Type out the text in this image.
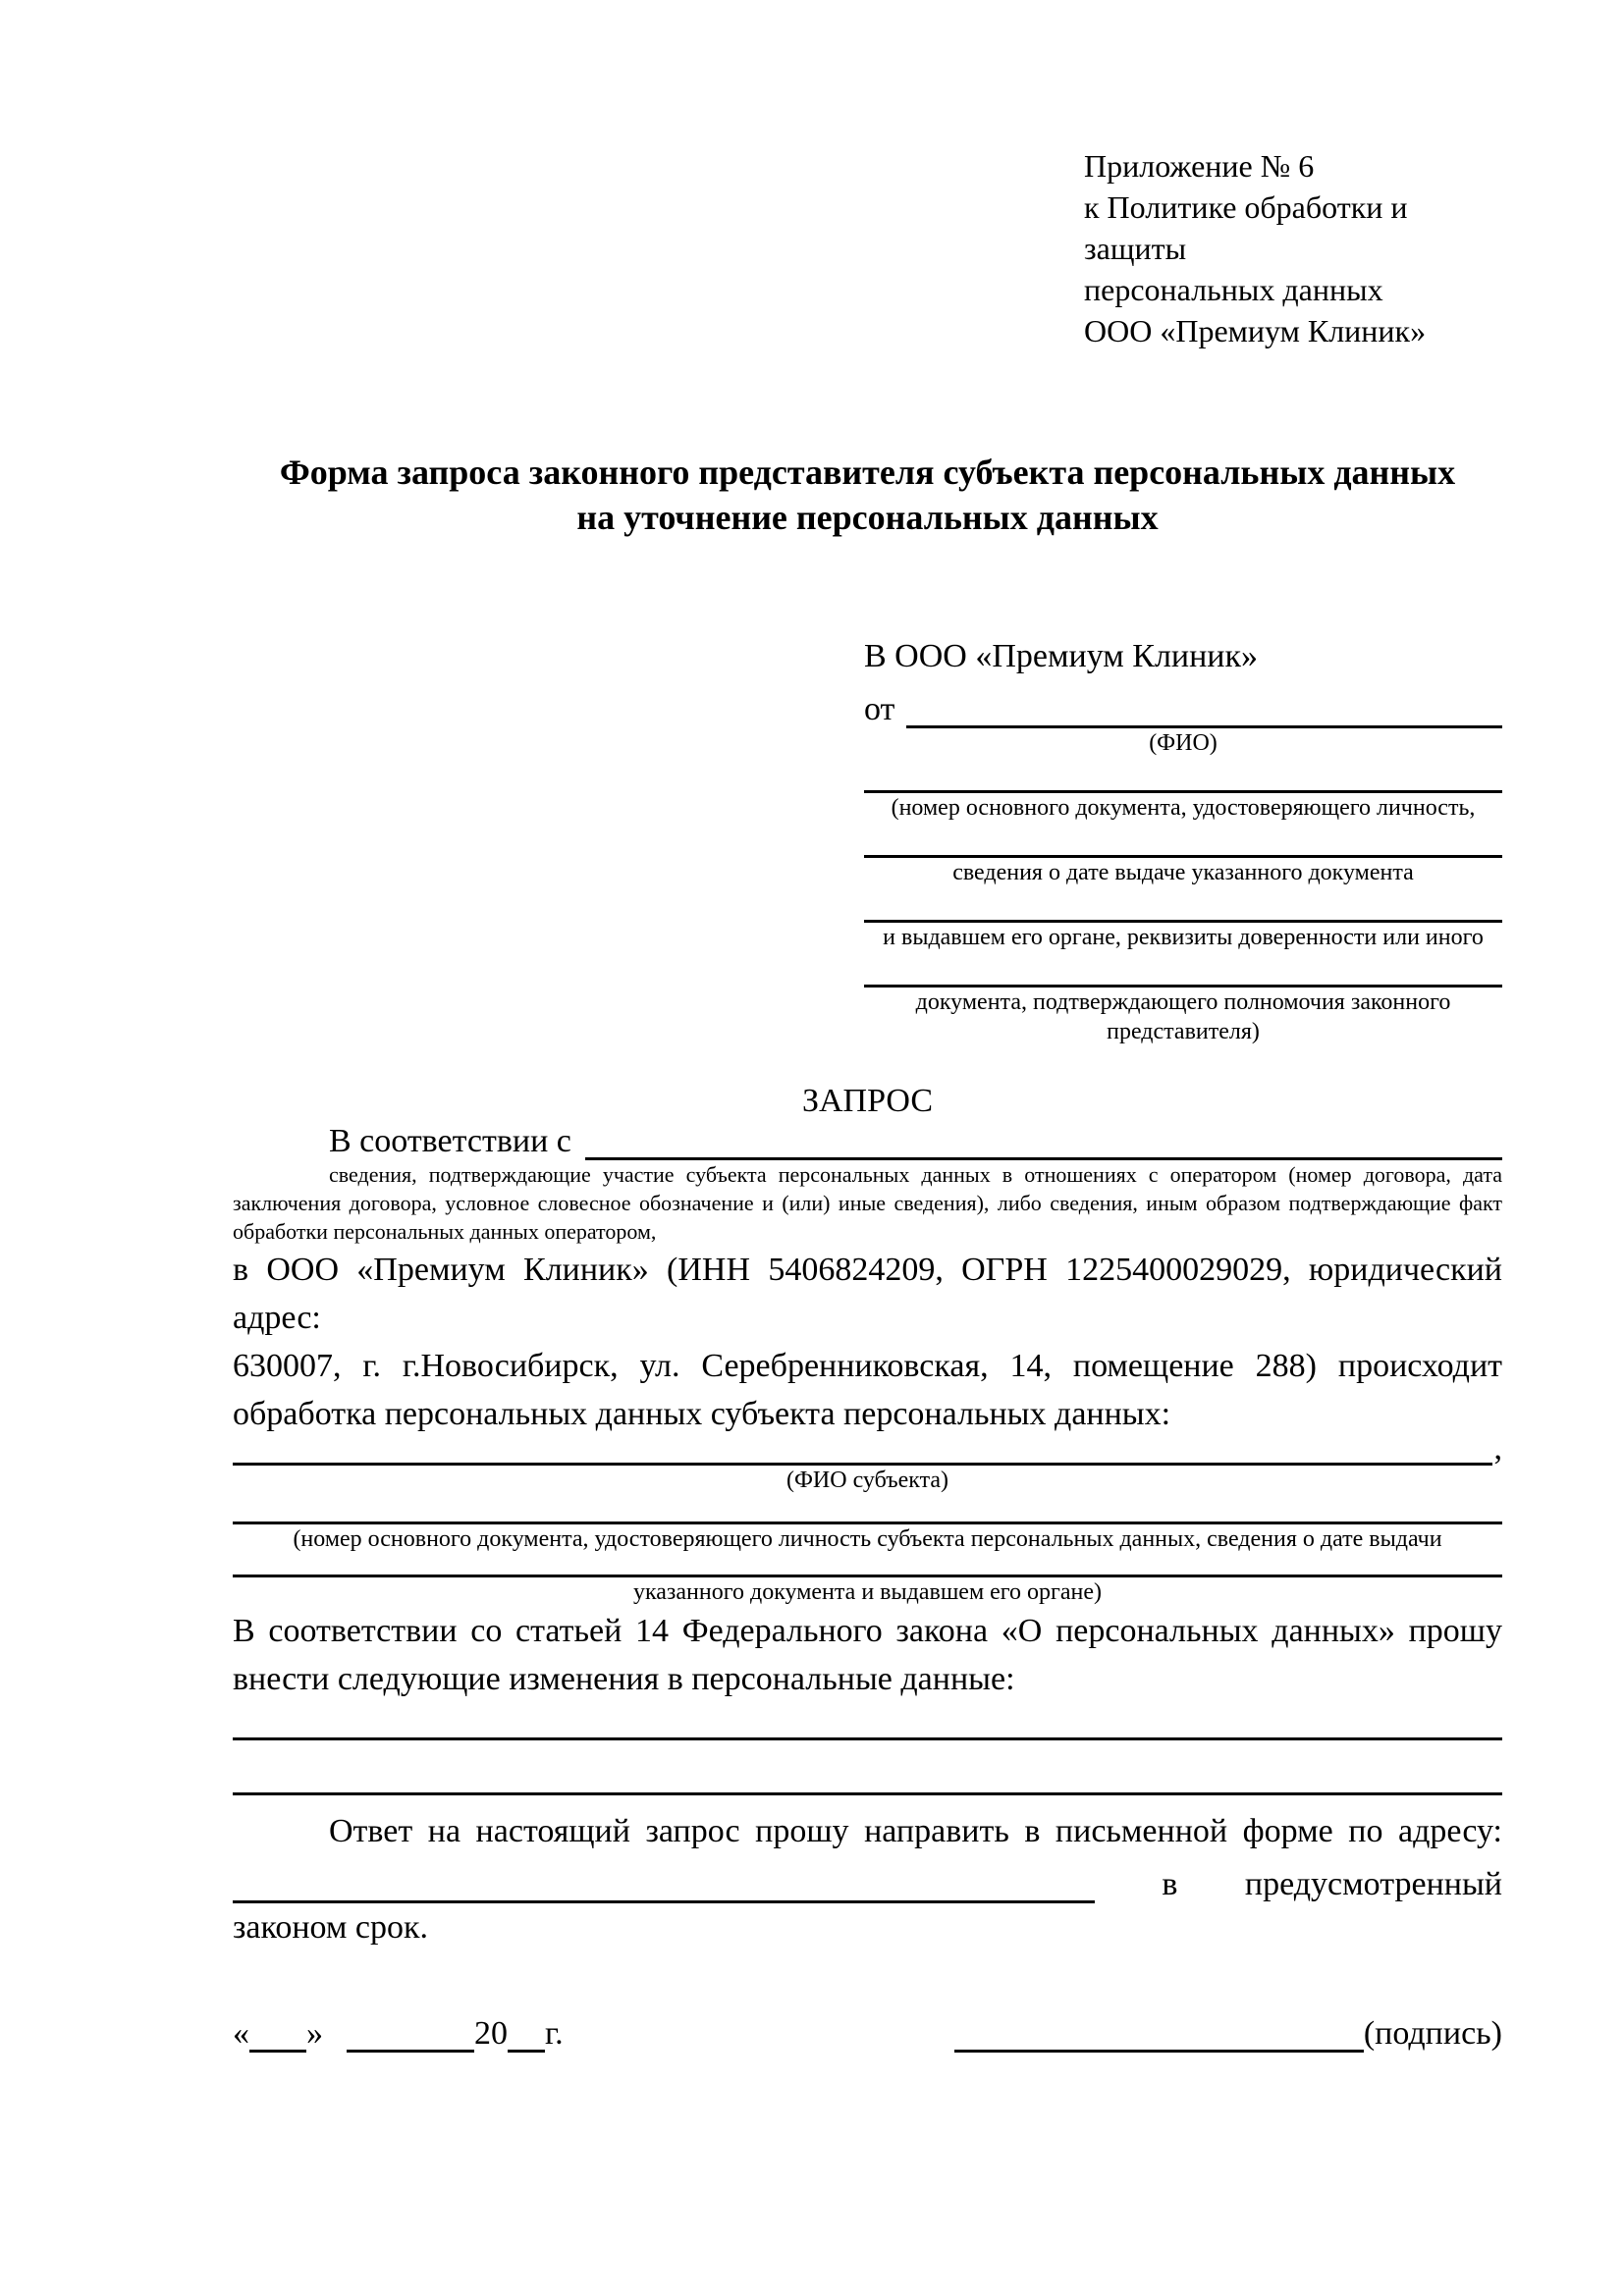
Приложение № 6
к Политике обработки и защиты
персональных данных
ООО «Премиум Клиник»
Форма запроса законного представителя субъекта персональных данных
на уточнение персональных данных
В ООО «Премиум Клиник»
от
(ФИО)
(номер основного документа, удостоверяющего личность,
сведения о дате выдаче указанного документа
и выдавшем его органе, реквизиты доверенности или иного
документа, подтверждающего полномочия законного представителя)
ЗАПРОС
В соответствии с
сведения, подтверждающие участие субъекта персональных данных в отношениях с оператором (номер договора, дата
заключения договора, условное словесное обозначение и (или) иные сведения), либо сведения, иным образом подтверждающие факт
обработки персональных данных оператором,
в ООО «Премиум Клиник» (ИНН 5406824209, ОГРН 1225400029029, юридический адрес:
630007, г. г.Новосибирск, ул. Серебренниковская, 14, помещение 288) происходит
обработка персональных данных субъекта персональных данных:
,
(ФИО субъекта)
(номер основного документа, удостоверяющего личность субъекта персональных данных, сведения о дате выдачи
указанного документа и выдавшем его органе)
В соответствии со статьей 14 Федерального закона «О персональных данных» прошу
внести следующие изменения в персональные данные:
Ответ на настоящий запрос прошу направить в письменной форме по адресу:
в предусмотренный
законом срок.
« »	20 г.	(подпись)
